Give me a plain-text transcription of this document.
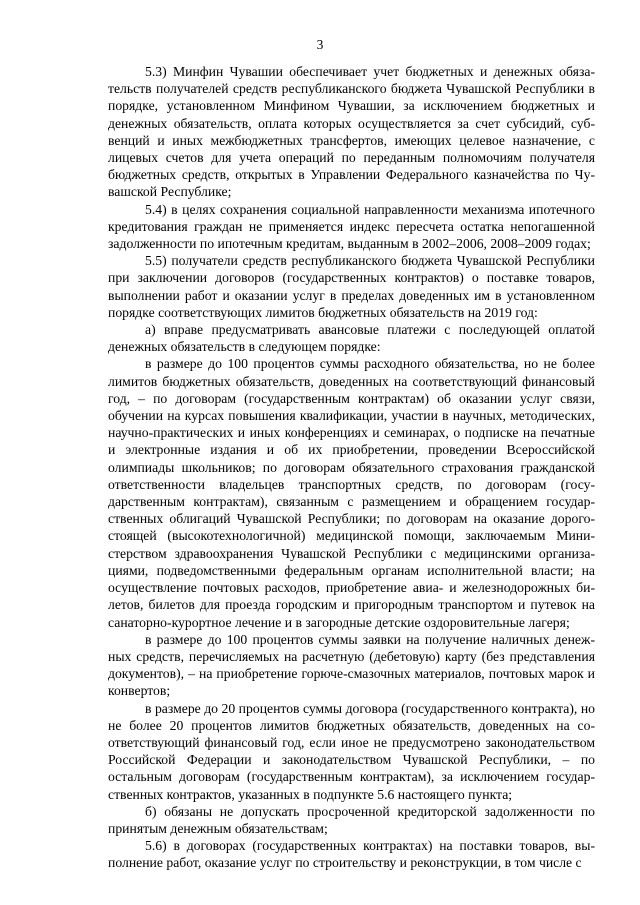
3

5.3) Минфин Чувашии обеспечивает учет бюджетных и денежных обязательств получателей средств республиканского бюджета Чувашской Республики в порядке, установленном Минфином Чувашии, за исключением бюджетных и денежных обязательств, оплата которых осуществляется за счет субсидий, субвенций и иных межбюджетных трансфертов, имеющих целевое назначение, с лицевых счетов для учета операций по переданным полномочиям получателя бюджетных средств, открытых в Управлении Федерального казначейства по Чувашской Республике;

5.4) в целях сохранения социальной направленности механизма ипотечного кредитования граждан не применяется индекс пересчета остатка непогашенной задолженности по ипотечным кредитам, выданным в 2002–2006, 2008–2009 годах;

5.5) получатели средств республиканского бюджета Чувашской Республики при заключении договоров (государственных контрактов) о поставке товаров, выполнении работ и оказании услуг в пределах доведенных им в установленном порядке соответствующих лимитов бюджетных обязательств на 2019 год:

а) вправе предусматривать авансовые платежи с последующей оплатой денежных обязательств в следующем порядке:

в размере до 100 процентов суммы расходного обязательства, но не более лимитов бюджетных обязательств, доведенных на соответствующий финансовый год, – по договорам (государственным контрактам) об оказании услуг связи, обучении на курсах повышения квалификации, участии в научных, методических, научно-практических и иных конференциях и семинарах, о подписке на печатные и электронные издания и об их приобретении, проведении Всероссийской олимпиады школьников; по договорам обязательного страхования гражданской ответственности владельцев транспортных средств, по договорам (государственным контрактам), связанным с размещением и обращением государственных облигаций Чувашской Республики; по договорам на оказание дорогостоящей (высокотехнологичной) медицинской помощи, заключаемым Министерством здравоохранения Чувашской Республики с медицинскими организациями, подведомственными федеральным органам исполнительной власти; на осуществление почтовых расходов, приобретение авиа- и железнодорожных билетов, билетов для проезда городским и пригородным транспортом и путевок на санаторно-курортное лечение и в загородные детские оздоровительные лагеря;

в размере до 100 процентов суммы заявки на получение наличных денежных средств, перечисляемых на расчетную (дебетовую) карту (без представления документов), – на приобретение горюче-смазочных материалов, почтовых марок и конвертов;

в размере до 20 процентов суммы договора (государственного контракта), но не более 20 процентов лимитов бюджетных обязательств, доведенных на соответствующий финансовый год, если иное не предусмотрено законодательством Российской Федерации и законодательством Чувашской Республики, – по остальным договорам (государственным контрактам), за исключением государственных контрактов, указанных в подпункте 5.6 настоящего пункта;

б) обязаны не допускать просроченной кредиторской задолженности по принятым денежным обязательствам;

5.6) в договорах (государственных контрактах) на поставки товаров, выполнение работ, оказание услуг по строительству и реконструкции, в том числе с
